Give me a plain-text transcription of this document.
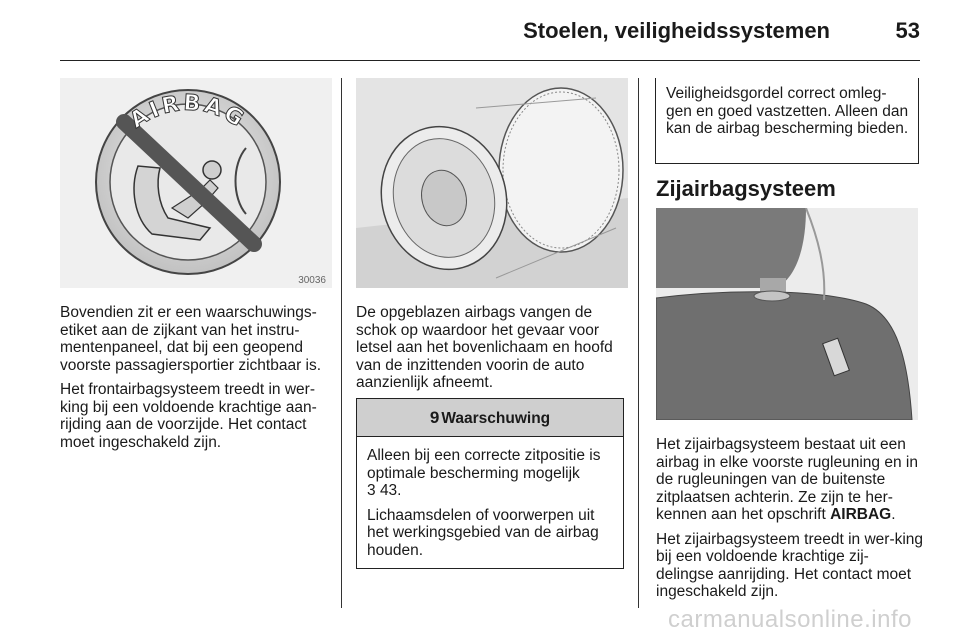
Stoelen, veiligheidssystemen	53
AIRBAG
30036

Bovendien zit er een waarschuwings-etiket aan de zijkant van het instru-mentenpaneel, dat bij een geopend voorste passagiersportier zichtbaar is.

Het frontairbagsysteem treedt in wer-king bij een voldoende krachtige aan-rijding aan de voorzijde. Het contact moet ingeschakeld zijn.

De opgeblazen airbags vangen de schok op waardoor het gevaar voor letsel aan het bovenlichaam en hoofd van de inzittenden voorin de auto aanzienlijk afneemt.

9 Waarschuwing

Alleen bij een correcte zitpositie is optimale bescherming mogelijk
3 43.

Lichaamsdelen of voorwerpen uit het werkingsgebied van de airbag houden.

Veiligheidsgordel correct omleg-gen en goed vastzetten. Alleen dan kan de airbag bescherming bieden.
Zijairbagsysteem

Het zijairbagsysteem bestaat uit een airbag in elke voorste rugleuning en in de rugleuningen van de buitenste zitplaatsen achterin. Ze zijn te her-kennen aan het opschrift AIRBAG.

Het zijairbagsysteem treedt in wer-king bij een voldoende krachtige zij-delingse aanrijding. Het contact moet ingeschakeld zijn.

carmanualsonline.info
